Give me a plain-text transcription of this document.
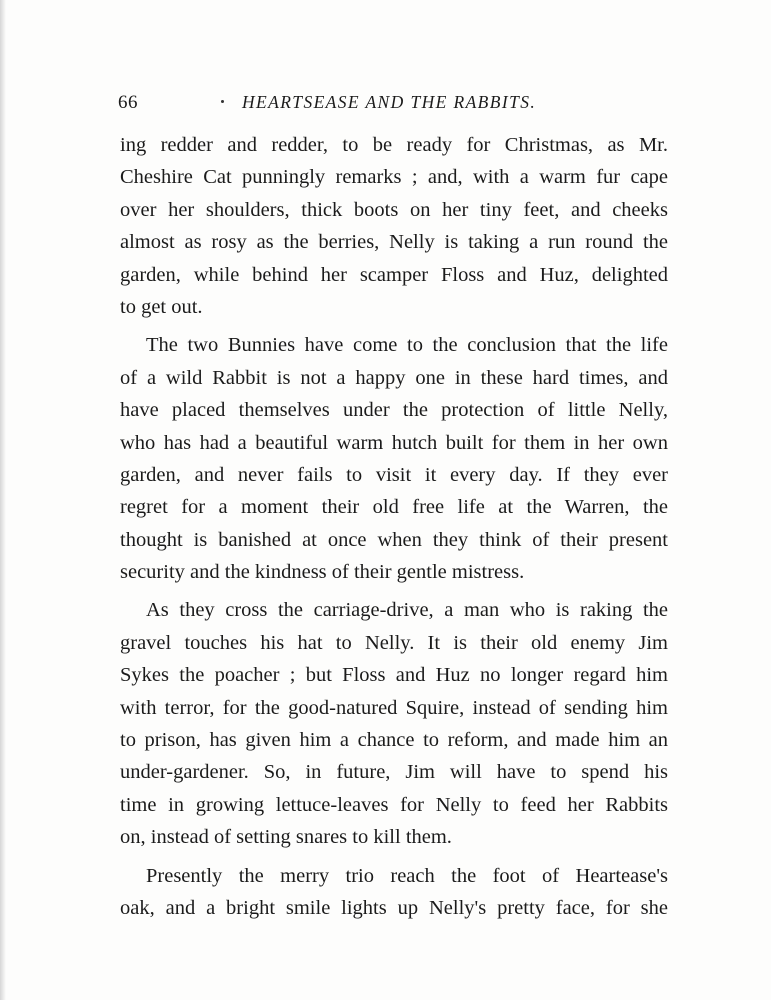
66	HEARTSEASE AND THE RABBITS.
ing redder and redder, to be ready for Christmas, as Mr.
Cheshire Cat punningly remarks ; and, with a warm fur cape
over her shoulders, thick boots on her tiny feet, and cheeks
almost as rosy as the berries, Nelly is taking a run round the
garden, while behind her scamper Floss and Huz, delighted
to get out.
The two Bunnies have come to the conclusion that the life
of a wild Rabbit is not a happy one in these hard times, and
have placed themselves under the protection of little Nelly,
who has had a beautiful warm hutch built for them in her own
garden, and never fails to visit it every day. If they ever
regret for a moment their old free life at the Warren, the
thought is banished at once when they think of their present
security and the kindness of their gentle mistress.
As they cross the carriage-drive, a man who is raking the
gravel touches his hat to Nelly. It is their old enemy Jim
Sykes the poacher ; but Floss and Huz no longer regard him
with terror, for the good-natured Squire, instead of sending him
to prison, has given him a chance to reform, and made him an
under-gardener. So, in future, Jim will have to spend his
time in growing lettuce-leaves for Nelly to feed her Rabbits
on, instead of setting snares to kill them.
Presently the merry trio reach the foot of Heartease's
oak, and a bright smile lights up Nelly's pretty face, for she
